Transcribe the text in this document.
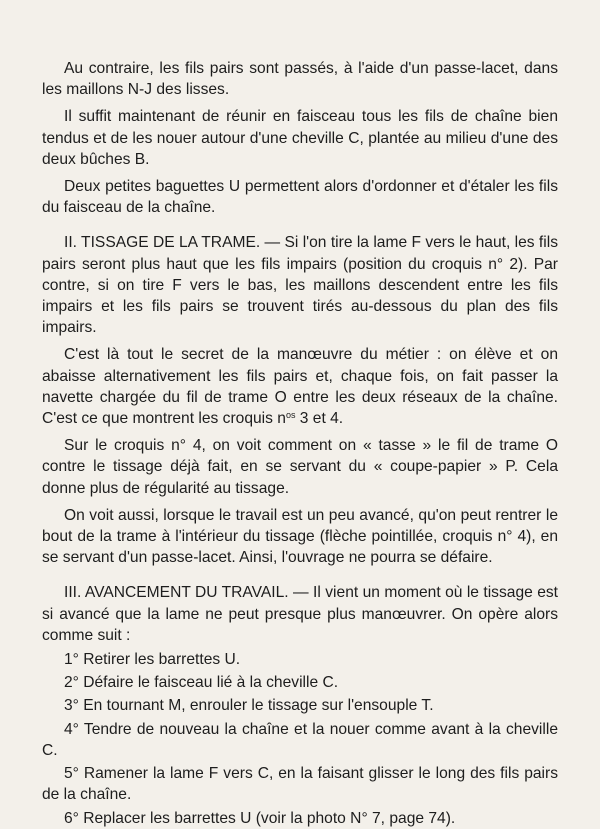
Au contraire, les fils pairs sont passés, à l'aide d'un passe-lacet, dans les maillons N-J des lisses.

Il suffit maintenant de réunir en faisceau tous les fils de chaîne bien tendus et de les nouer autour d'une cheville C, plantée au milieu d'une des deux bûches B.

Deux petites baguettes U permettent alors d'ordonner et d'étaler les fils du faisceau de la chaîne.

II. TISSAGE DE LA TRAME. — Si l'on tire la lame F vers le haut, les fils pairs seront plus haut que les fils impairs (position du croquis n° 2). Par contre, si on tire F vers le bas, les maillons descendent entre les fils impairs et les fils pairs se trouvent tirés au-dessous du plan des fils impairs.

C'est là tout le secret de la manœuvre du métier : on élève et on abaisse alternativement les fils pairs et, chaque fois, on fait passer la navette chargée du fil de trame O entre les deux réseaux de la chaîne. C'est ce que montrent les croquis $n^{os}$ 3 et 4.

Sur le croquis n° 4, on voit comment on « tasse » le fil de trame O contre le tissage déjà fait, en se servant du « coupe-papier » P. Cela donne plus de régularité au tissage.

On voit aussi, lorsque le travail est un peu avancé, qu'on peut rentrer le bout de la trame à l'intérieur du tissage (flèche pointillée, croquis n° 4), en se servant d'un passe-lacet. Ainsi, l'ouvrage ne pourra se défaire.

III. AVANCEMENT DU TRAVAIL. — Il vient un moment où le tissage est si avancé que la lame ne peut presque plus manœuvrer. On opère alors comme suit :

1° Retirer les barrettes U.

2° Défaire le faisceau lié à la cheville C.

3° En tournant M, enrouler le tissage sur l'ensouple T.

4° Tendre de nouveau la chaîne et la nouer comme avant à la cheville C.

5° Ramener la lame F vers C, en la faisant glisser le long des fils pairs de la chaîne.

6° Replacer les barrettes U (voir la photo N° 7, page 74).
